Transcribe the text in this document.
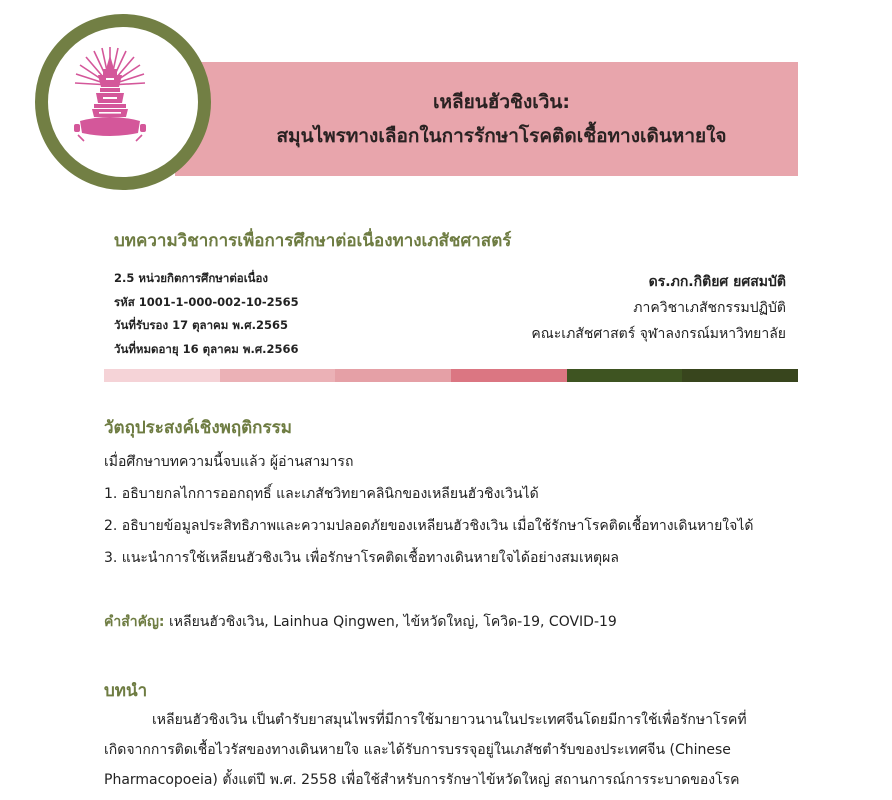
เหลียนฮัวชิงเวิน:
สมุนไพรทางเลือกในการรักษาโรคติดเชื้อทางเดินหายใจ
บทความวิชาการเพื่อการศึกษาต่อเนื่องทางเภสัชศาสตร์
2.5 หน่วยกิตการศึกษาต่อเนื่อง
รหัส 1001-1-000-002-10-2565
วันที่รับรอง 17 ตุลาคม พ.ศ.2565
วันที่หมดอายุ 16 ตุลาคม พ.ศ.2566
ดร.ภก.กิติยศ ยศสมบัติ
ภาควิชาเภสัชกรรมปฏิบัติ
คณะเภสัชศาสตร์ จุฬาลงกรณ์มหาวิทยาลัย
วัตถุประสงค์เชิงพฤติกรรม
เมื่อศึกษาบทความนี้จบแล้ว ผู้อ่านสามารถ
1. อธิบายกลไกการออกฤทธิ์ และเภสัชวิทยาคลินิกของเหลียนฮัวชิงเวินได้
2. อธิบายข้อมูลประสิทธิภาพและความปลอดภัยของเหลียนฮัวชิงเวิน เมื่อใช้รักษาโรคติดเชื้อทางเดินหายใจได้
3. แนะนำการใช้เหลียนฮัวชิงเวิน เพื่อรักษาโรคติดเชื้อทางเดินหายใจได้อย่างสมเหตุผล
คำสำคัญ: เหลียนฮัวชิงเวิน, Lainhua Qingwen, ไข้หวัดใหญ่, โควิด-19, COVID-19
บทนำ
เหลียนฮัวชิงเวิน เป็นตำรับยาสมุนไพรที่มีการใช้มายาวนานในประเทศจีนโดยมีการใช้เพื่อรักษาโรคที่
เกิดจากการติดเชื้อไวรัสของทางเดินหายใจ และได้รับการบรรจุอยู่ในเภสัชตำรับของประเทศจีน (Chinese
Pharmacopoeia) ตั้งแต่ปี พ.ศ. 2558 เพื่อใช้สำหรับการรักษาไข้หวัดใหญ่ สถานการณ์การระบาดของโรค
